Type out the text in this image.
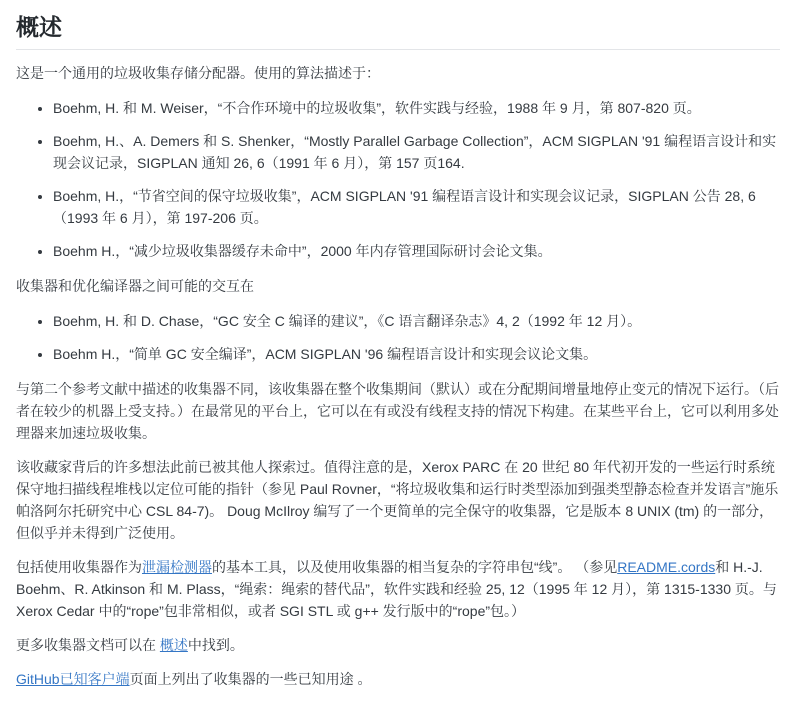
概述

这是一个通用的垃圾收集存储分配器。使用的算法描述于：

• Boehm, H. 和 M. Weiser，“不合作环境中的垃圾收集”，软件实践与经验，1988 年 9 月，第 807-820 页。
• Boehm, H.、A. Demers 和 S. Shenker，“Mostly Parallel Garbage Collection”，ACM SIGPLAN '91 编程语言设计和实现会议记录，SIGPLAN 通知 26, 6（1991 年 6 月），第 157 页164.
• Boehm, H.，“节省空间的保守垃圾收集”，ACM SIGPLAN '91 编程语言设计和实现会议记录，SIGPLAN 公告 28, 6（1993 年 6 月），第 197-206 页。
• Boehm H.，“减少垃圾收集器缓存未命中”，2000 年内存管理国际研讨会论文集。

收集器和优化编译器之间可能的交互在

• Boehm, H. 和 D. Chase，“GC 安全 C 编译的建议”，《C 语言翻译杂志》4, 2（1992 年 12 月）。
• Boehm H.，“简单 GC 安全编译”，ACM SIGPLAN '96 编程语言设计和实现会议论文集。

与第二个参考文献中描述的收集器不同，该收集器在整个收集期间（默认）或在分配期间增量地停止变元的情况下运行。（后者在较少的机器上受支持。）在最常见的平台上，它可以在有或没有线程支持的情况下构建。在某些平台上，它可以利用多处理器来加速垃圾收集。

该收藏家背后的许多想法此前已被其他人探索过。值得注意的是，Xerox PARC 在 20 世纪 80 年代初开发的一些运行时系统保守地扫描线程堆栈以定位可能的指针（参见 Paul Rovner，“将垃圾收集和运行时类型添加到强类型静态检查并发语言”施乐帕洛阿尔托研究中心 CSL 84-7)。 Doug McIlroy 编写了一个更简单的完全保守的收集器，它是版本 8 UNIX (tm) 的一部分，但似乎并未得到广泛使用。

包括使用收集器作为泄漏检测器的基本工具，以及使用收集器的相当复杂的字符串包“线”。 （参见README.cords和 H.-J. Boehm、R. Atkinson 和 M. Plass，“绳索：绳索的替代品”，软件实践和经验 25, 12（1995 年 12 月），第 1315-1330 页。与 Xerox Cedar 中的“rope”包非常相似，或者 SGI STL 或 g++ 发行版中的“rope”包。）

更多收集器文档可以在 概述中找到。

GitHub已知客户端页面上列出了收集器的一些已知用途 。
